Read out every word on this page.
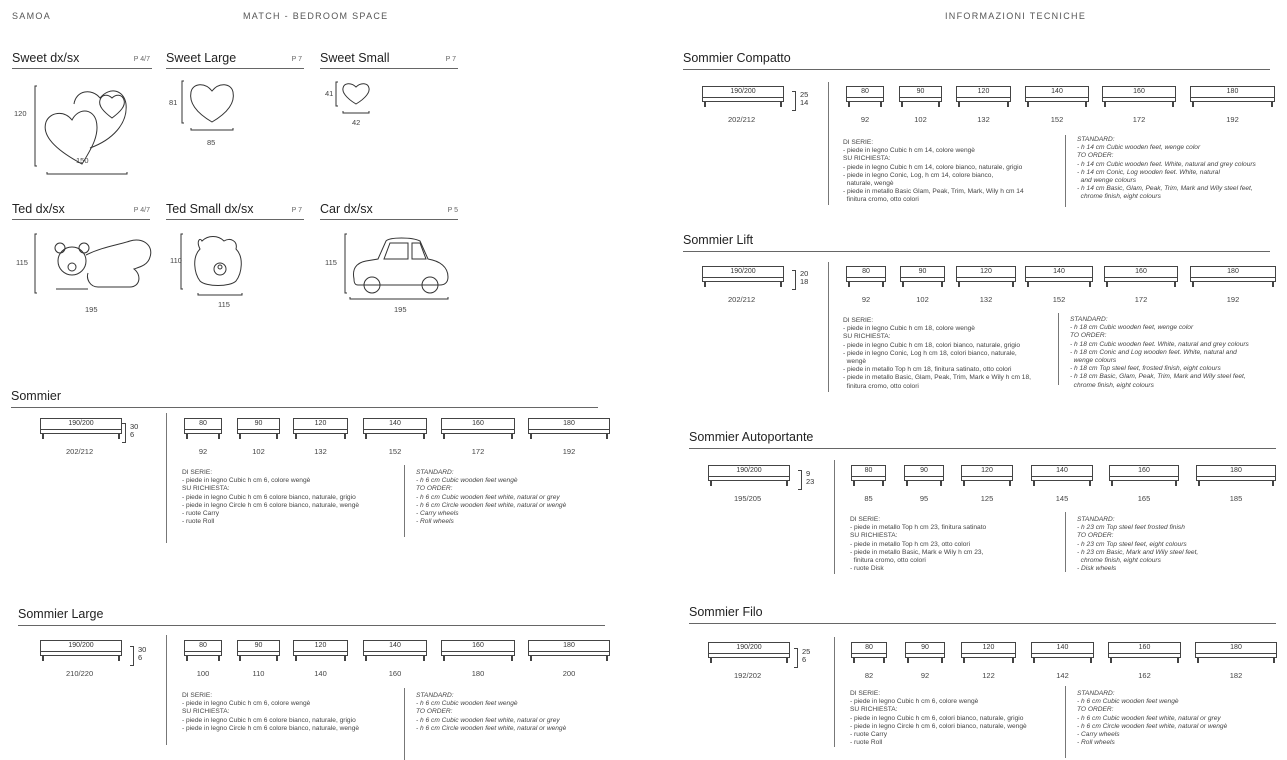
SAMOA	MATCH - BEDROOM SPACE	INFORMAZIONI TECNICHE
Sweet dx/sx	P 4/7
120
150
Sweet Large	P 7
81
85
Sweet Small	P 7
41
42
Ted dx/sx	P 4/7
115
195
Ted Small dx/sx	P 7
110
115
Car dx/sx	P 5
115
195
Sommier
190/200
202/212
30
6
80
92
90
102
120
132
140
152
160
172
180
192
DI SERIE:
- piede in legno Cubic h cm 6, colore wengè
SU RICHIESTA:
- piede in legno Cubic h cm 6 colore bianco, naturale, grigio
- piede in legno Circle h cm 6 colore bianco, naturale, wengè
- ruote Carry
- ruote Roll
STANDARD:
- h 6 cm Cubic wooden feet wengè
TO ORDER:
- h 6 cm Cubic wooden feet white, natural or grey
- h 6 cm Circle wooden feet white, natural or wengè
- Carry wheels
- Roll wheels
Sommier Large
190/200
210/220
30
6
80
100
90
110
120
140
140
160
160
180
180
200
DI SERIE:
- piede in legno Cubic h cm 6, colore wengè
SU RICHIESTA:
- piede in legno Cubic h cm 6 colore bianco, naturale, grigio
- piede in legno Circle h cm 6 colore bianco, naturale, wengè
STANDARD:
- h 6 cm Cubic wooden feet wengè
TO ORDER:
- h 6 cm Cubic wooden feet white, natural or grey
- h 6 cm Circle wooden feet white, natural or wengè
Sommier Compatto
190/200
202/212
25
14
80
92
90
102
120
132
140
152
160
172
180
192
DI SERIE:
- piede in legno Cubic h cm 14, colore wengè
SU RICHIESTA:
- piede in legno Cubic h cm 14, colore bianco, naturale, grigio
- piede in legno Conic, Log, h cm 14, colore bianco,
naturale, wengè
- piede in metallo Basic Glam, Peak, Trim, Mark, Wily h cm 14
finitura cromo, otto colori
STANDARD:
- h 14 cm Cubic wooden feet, wenge color
TO ORDER:
- h 14 cm Cubic wooden feet. White, natural and grey colours
- h 14 cm Conic, Log wooden feet. White, natural
and wenge colours
- h 14 cm Basic, Glam, Peak, Trim, Mark and Wily steel feet,
chrome finish, eight colours
Sommier Lift
190/200
202/212
20
18
80
92
90
102
120
132
140
152
160
172
180
192
DI SERIE:
- piede in legno Cubic h cm 18, colore wengè
SU RICHIESTA:
- piede in legno Cubic h cm 18, colori bianco, naturale, grigio
- piede in legno Conic, Log h cm 18, colori bianco, naturale,
wengè
- piede in metallo Top h cm 18, finitura satinato, otto colori
- piede in metallo Basic, Glam, Peak, Trim, Mark e Wily h cm 18,
finitura cromo, otto colori
STANDARD:
- h 18 cm Cubic wooden feet, wenge color
TO ORDER:
- h 18 cm Cubic wooden feet. White, natural and grey colours
- h 18 cm Conic and Log wooden feet. White, natural and
wenge colours
- h 18 cm Top steel feet, frosted finish, eight colours
- h 18 cm Basic, Glam, Peak, Trim, Mark and Wily steel feet,
chrome finish, eight colours
Sommier Autoportante
190/200
195/205
9
23
80
85
90
95
120
125
140
145
160
165
180
185
DI SERIE:
- piede in metallo Top h cm 23, finitura satinato
SU RICHIESTA:
- piede in metallo Top h cm 23, otto colori
- piede in metallo Basic, Mark e Wily h cm 23,
finitura cromo, otto colori
- ruote Disk
STANDARD:
- h 23 cm Top steel feet frosted finish
TO ORDER:
- h 23 cm Top steel feet, eight colours
- h 23 cm Basic, Mark and Wily steel feet,
chrome finish, eight colours
- Disk wheels
Sommier Filo
190/200
192/202
25
6
80
82
90
92
120
122
140
142
160
162
180
182
DI SERIE:
- piede in legno Cubic h cm 6, colore wengè
SU RICHIESTA:
- piede in legno Cubic h cm 6, colori bianco, naturale, grigio
- piede in legno Circle h cm 6, colori bianco, naturale, wengè
- ruote Carry
- ruote Roll
STANDARD:
- h 6 cm Cubic wooden feet wengè
TO ORDER:
- h 6 cm Cubic wooden feet white, natural or grey
- h 6 cm Circle wooden feet white, natural or wengè
- Carry wheels
- Roll wheels
